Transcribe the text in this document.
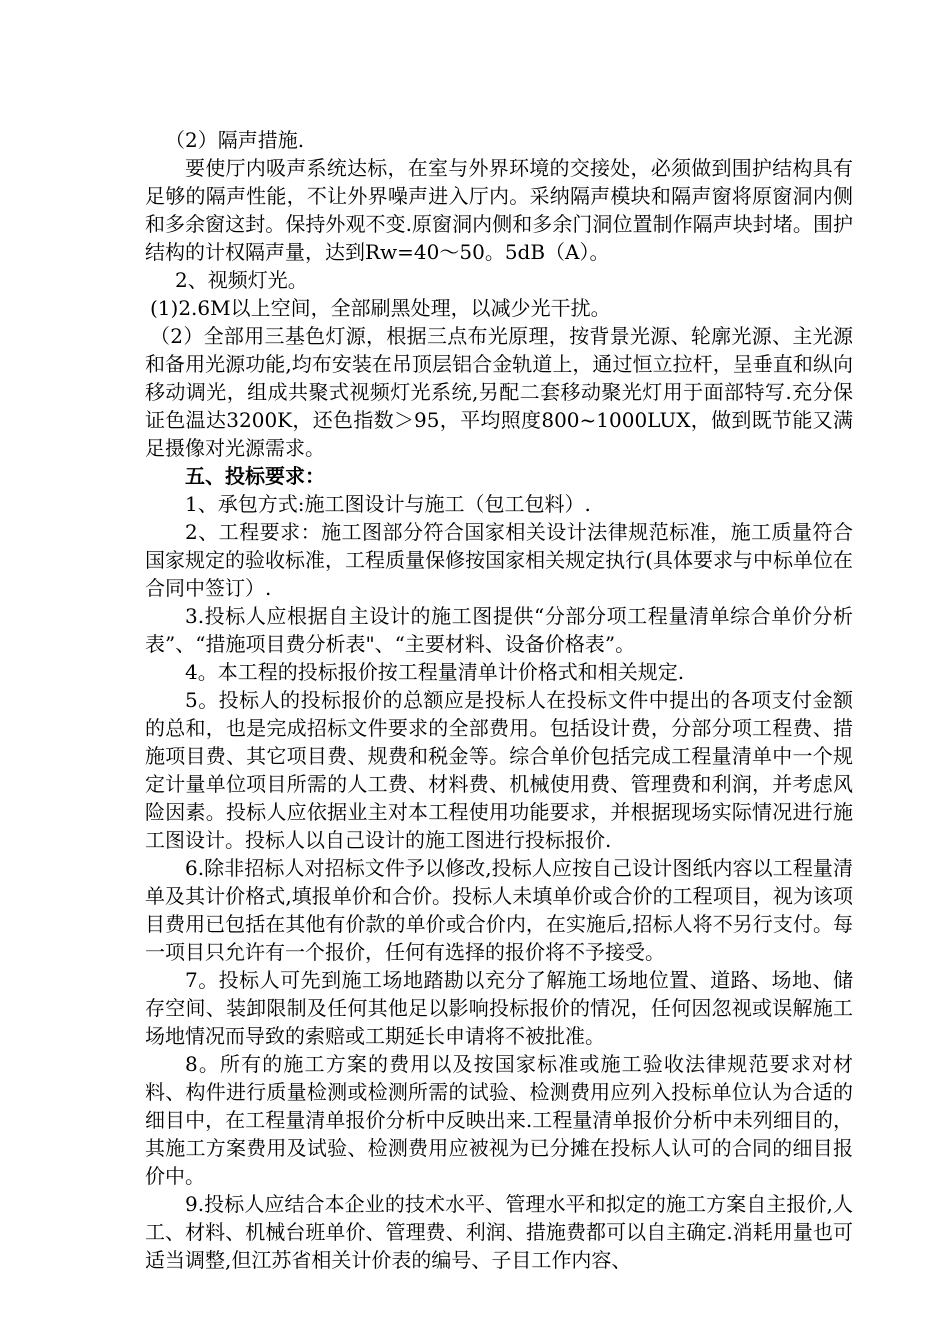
（2）隔声措施.

要使厅内吸声系统达标，在室与外界环境的交接处，必须做到围护结构具有足够的隔声性能，不让外界噪声进入厅内。采纳隔声模块和隔声窗将原窗洞内侧和多余窗这封。保持外观不变.原窗洞内侧和多余门洞位置制作隔声块封堵。围护结构的计权隔声量，达到Rw=40～50。5dB（A）。

2、视频灯光。

(1)2.6M以上空间，全部刷黑处理，以减少光干扰。

（2）全部用三基色灯源，根据三点布光原理，按背景光源、轮廓光源、主光源和备用光源功能,均布安装在吊顶层铝合金轨道上，通过恒立拉杆，呈垂直和纵向移动调光，组成共聚式视频灯光系统,另配二套移动聚光灯用于面部特写.充分保证色温达3200K，还色指数＞95，平均照度800~1000LUX，做到既节能又满足摄像对光源需求。

五、投标要求：

1、承包方式:施工图设计与施工（包工包料）.

2、工程要求：施工图部分符合国家相关设计法律规范标准，施工质量符合国家规定的验收标准，工程质量保修按国家相关规定执行(具体要求与中标单位在合同中签订）.

3.投标人应根据自主设计的施工图提供“分部分项工程量清单综合单价分析表”、“措施项目费分析表"、“主要材料、设备价格表”。

4。本工程的投标报价按工程量清单计价格式和相关规定.

5。投标人的投标报价的总额应是投标人在投标文件中提出的各项支付金额的总和，也是完成招标文件要求的全部费用。包括设计费，分部分项工程费、措施项目费、其它项目费、规费和税金等。综合单价包括完成工程量清单中一个规定计量单位项目所需的人工费、材料费、机械使用费、管理费和利润，并考虑风险因素。投标人应依据业主对本工程使用功能要求，并根据现场实际情况进行施工图设计。投标人以自己设计的施工图进行投标报价.

6.除非招标人对招标文件予以修改,投标人应按自己设计图纸内容以工程量清单及其计价格式,填报单价和合价。投标人未填单价或合价的工程项目，视为该项目费用已包括在其他有价款的单价或合价内，在实施后,招标人将不另行支付。每一项目只允许有一个报价，任何有选择的报价将不予接受。

7。投标人可先到施工场地踏勘以充分了解施工场地位置、道路、场地、储存空间、装卸限制及任何其他足以影响投标报价的情况，任何因忽视或误解施工场地情况而导致的索赔或工期延长申请将不被批准。

8。所有的施工方案的费用以及按国家标准或施工验收法律规范要求对材料、构件进行质量检测或检测所需的试验、检测费用应列入投标单位认为合适的细目中，在工程量清单报价分析中反映出来.工程量清单报价分析中未列细目的，其施工方案费用及试验、检测费用应被视为已分摊在投标人认可的合同的细目报价中。

9.投标人应结合本企业的技术水平、管理水平和拟定的施工方案自主报价,人工、材料、机械台班单价、管理费、利润、措施费都可以自主确定.消耗用量也可适当调整,但江苏省相关计价表的编号、子目工作内容、
